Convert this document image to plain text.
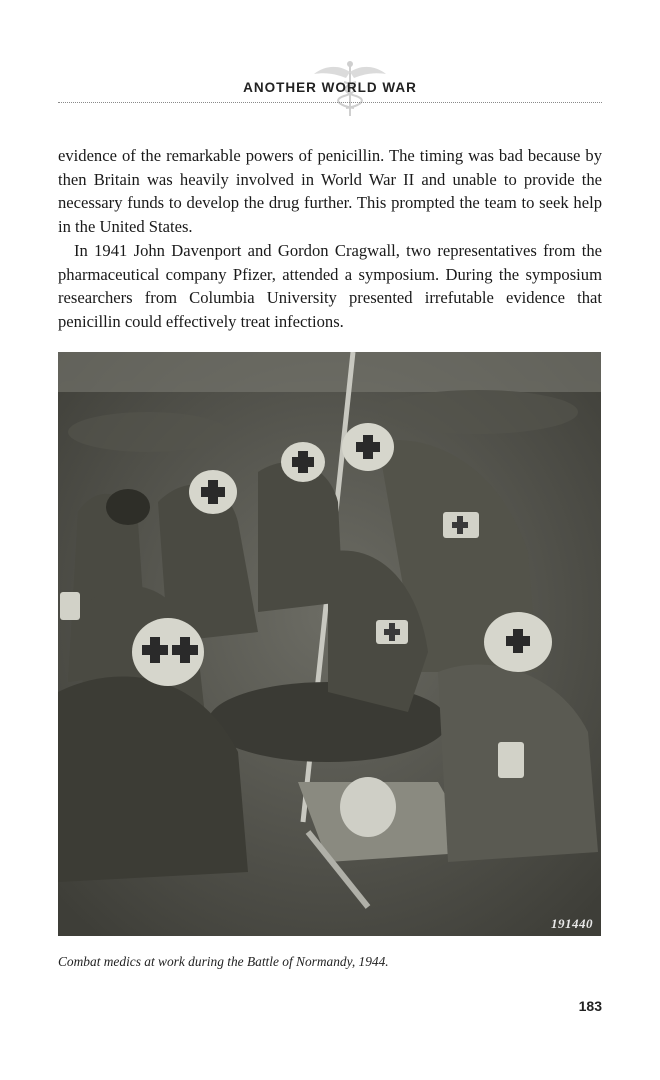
ANOTHER WORLD WAR

evidence of the remarkable powers of penicillin. The timing was bad because by then Britain was heavily involved in World War II and unable to provide the necessary funds to develop the drug further. This prompted the team to seek help in the United States.

In 1941 John Davenport and Gordon Cragwall, two representatives from the pharmaceutical company Pfizer, attended a symposium. During the symposium researchers from Columbia University presented irrefutable evidence that penicillin could effectively treat infections.

191440
Combat medics at work during the Battle of Normandy, 1944.
183
